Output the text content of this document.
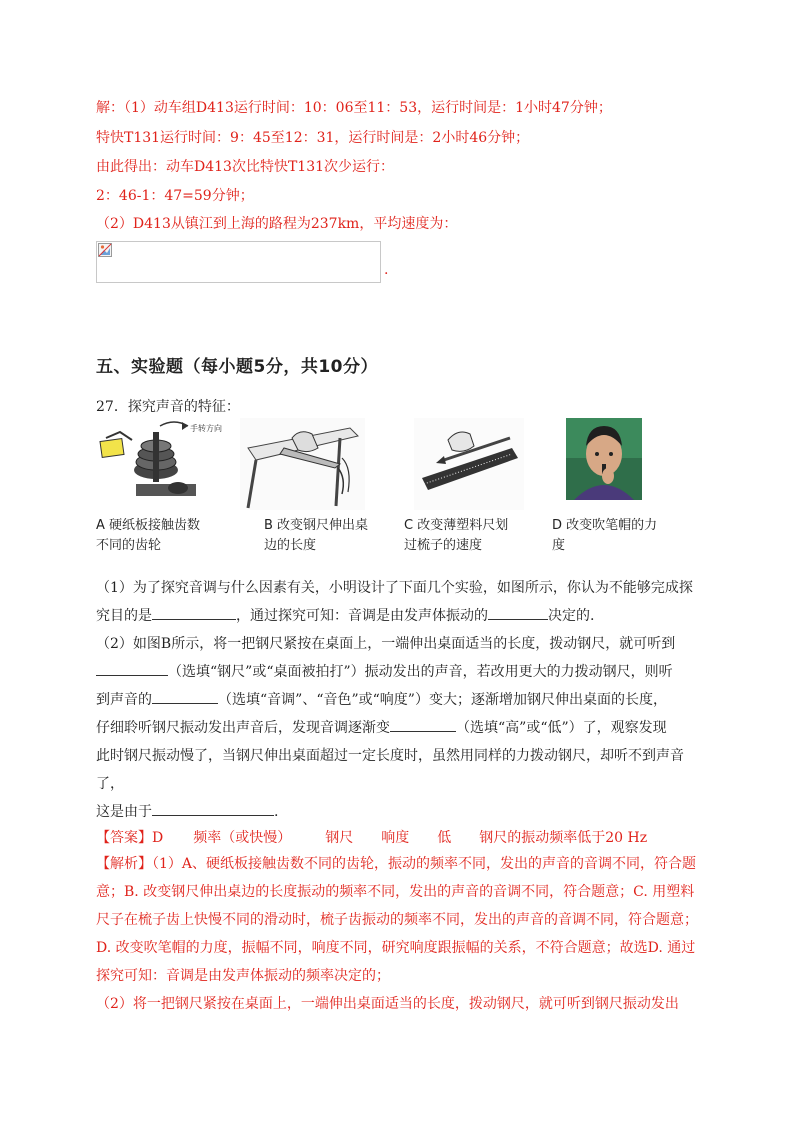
解：（1）动车组D413运行时间：10：06至11：53，运行时间是：1小时47分钟；
特快T131运行时间：9：45至12：31，运行时间是：2小时46分钟；
由此得出：动车D413次比特快T131次少运行：
2：46-1：47=59分钟；
（2）D413从镇江到上海的路程为237km，平均速度为：
.
五、实验题（每小题5分，共10分）
27．探究声音的特征：
手转方向
A 硬纸板接触齿数
不同的齿轮
B 改变钢尺伸出桌
边的长度
C 改变薄塑料尺划
过梳子的速度
D 改变吹笔帽的力
度
（1）为了探究音调与什么因素有关，小明设计了下面几个实验，如图所示，你认为不能够完成探
究目的是	，通过探究可知：音调是由发声体振动的	决定的.
（2）如图B所示，将一把钢尺紧按在桌面上，一端伸出桌面适当的长度，拨动钢尺，就可听到
（选填“钢尺”或“桌面被拍打”）振动发出的声音，若改用更大的力拨动钢尺，则听
到声音的	（选填“音调”、“音色”或“响度”）变大；逐渐增加钢尺伸出桌面的长度，
仔细聆听钢尺振动发出声音后，发现音调逐渐变	（选填“高”或“低”）了，观察发现
此时钢尺振动慢了，当钢尺伸出桌面超过一定长度时，虽然用同样的力拨动钢尺，却听不到声音了，
这是由于	.
【答案】D 频率（或快慢） 钢尺 响度 低 钢尺的振动频率低于20 Hz
【解析】（1）A、硬纸板接触齿数不同的齿轮，振动的频率不同，发出的声音的音调不同，符合题
意；B. 改变钢尺伸出桌边的长度振动的频率不同，发出的声音的音调不同，符合题意；C. 用塑料
尺子在梳子齿上快慢不同的滑动时，梳子齿振动的频率不同，发出的声音的音调不同，符合题意；
D. 改变吹笔帽的力度，振幅不同，响度不同，研究响度跟振幅的关系，不符合题意；故选D. 通过
探究可知：音调是由发声体振动的频率决定的；
（2）将一把钢尺紧按在桌面上，一端伸出桌面适当的长度，拨动钢尺，就可听到钢尺振动发出
